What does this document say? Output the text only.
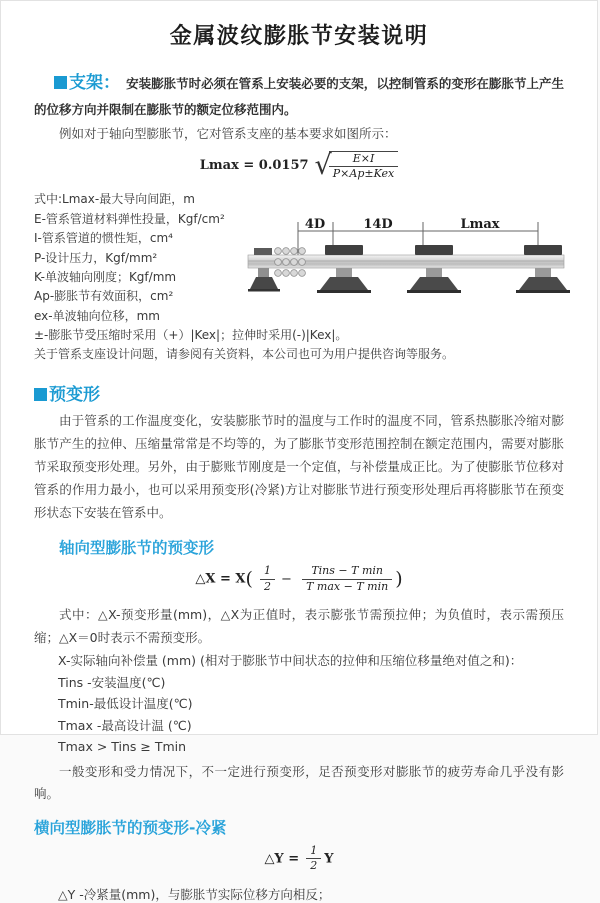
金属波纹膨胀节安装说明

支架： 安装膨胀节时必须在管系上安装必要的支架，以控制管系的变形在膨胀节上产生的位移方向并限制在膨胀节的额定位移范围内。

例如对于轴向型膨胀节，它对管系支座的基本要求如图所示：

Lmax = 0.0157 √
$\frac{E\times I}{\text{P×Ap±Kex}}$
式中:Lmax-最大导向间距，m
E-管系管道材料弹性投量，Kgf/cm²
I-管系管道的惯性矩，cm⁴
P-设计压力，Kgf/mm²
K-单波轴向刚度；Kgf/mm
Ap-膨胀节有效面积，cm²
ex-单波轴向位移，mm
±-膨胀节受压缩时采用（+）|Kex|；拉伸时采用(-)|Kex|。
关于管系支座设计问题，请参阅有关资料，本公司也可为用户提供咨询等服务。
4D	14D	Lmax
预变形

由于管系的工作温度变化，安装膨胀节时的温度与工作时的温度不同，管系热膨胀冷缩对膨胀节产生的拉伸、压缩量常常是不均等的，为了膨胀节变形范围控制在额定范围内，需要对膨胀节采取预变形处理。另外，由于膨账节刚度是一个定值，与补偿量成正比。为了使膨胀节位移对管系的作用力最小，也可以采用预变形(冷紧)方让对膨胀节进行预变形处理后再将膨胀节在预变形状态下安装在管系中。

轴向型膨胀节的预变形
△X = $X( \frac{1}{2} - \frac{\text{Tins − T min}}{\text{T max − T min}}$ )

式中：△X-预变形量(mm)，△X为正值时，表示膨张节需预拉伸；为负值时，表示需预压缩；△X＝0时表示不需预变形。

X-实际轴向补偿量 (mm) (相对于膨胀节中间状态的拉伸和压缩位移量绝对值之和)：
Tins -安装温度(℃)
Tmin-最低设计温度(℃)
Tmax -最高设计温 (℃)
Tmax > Tins ≥ Tmin

一般变形和受力情况下，不一定进行预变形，足否预变形对膨胀节的疲劳寿命几乎没有影响。

横向型膨胀节的预变形-冷紧
△Y = $\frac{1}{2}$ Y
△Y -冷紧量(mm)，与膨胀节实际位移方向相反；
